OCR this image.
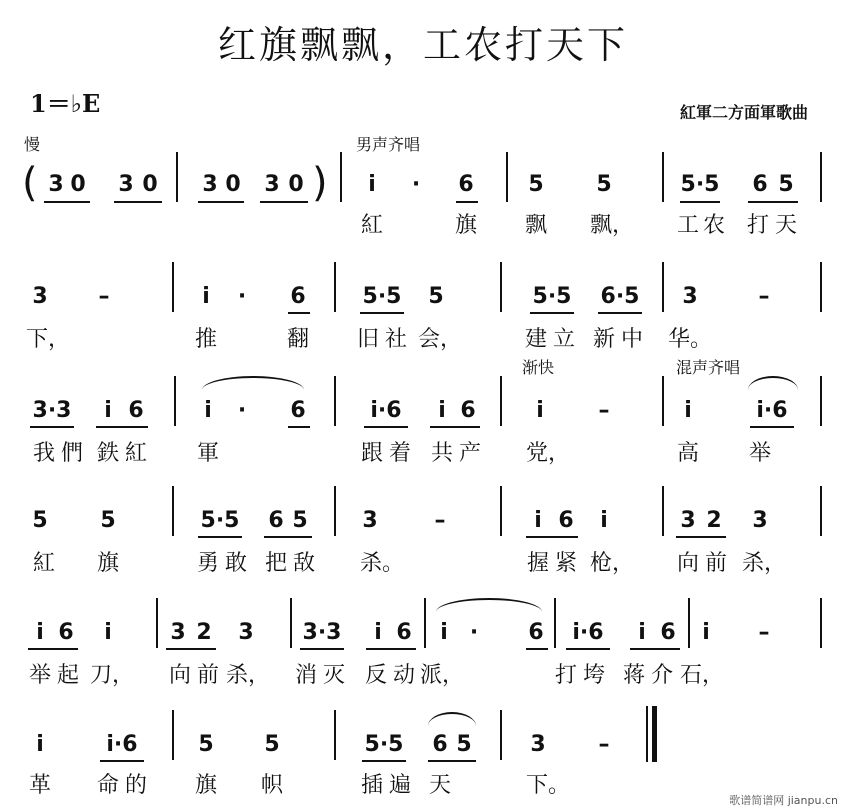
红旗飘飘，工农打天下
1＝♭E	紅軍二方面軍歌曲
慢	男声齐唱
渐快	混声齐唱
(	)
3 0 3 0 3 0 3 0	i · 6 5 5	5·5 6 5
紅	旗 飘 飘， 工 农 打 天
3 –	i · 6	5·5 5	5·5 6·5 3	–
下，	推	翻 旧 社 会，	建 立 新 中 华。
3·3 i 6	i · 6	i·6 i 6	i –	i	i·6
我 們 鉄 紅 軍	跟 着 共 产 党，	高 举
5 5	5·5 6 5 3	–	i 6 i	3 2 3
紅 旗	勇 敢 把 敌 杀。	握 紧 枪， 向 前 杀，
i 6 i	3 2 3 3·3 i 6 i · 6 i·6 i 6 i –
举 起 刀， 向 前 杀， 消 灭 反 动 派，	打 垮 蒋 介 石，
i	i·6	5 5	5·5 6 5	3 –
革 命 的 旗 帜	插 遍 天	下。
歌谱简谱网 jianpu.cn
